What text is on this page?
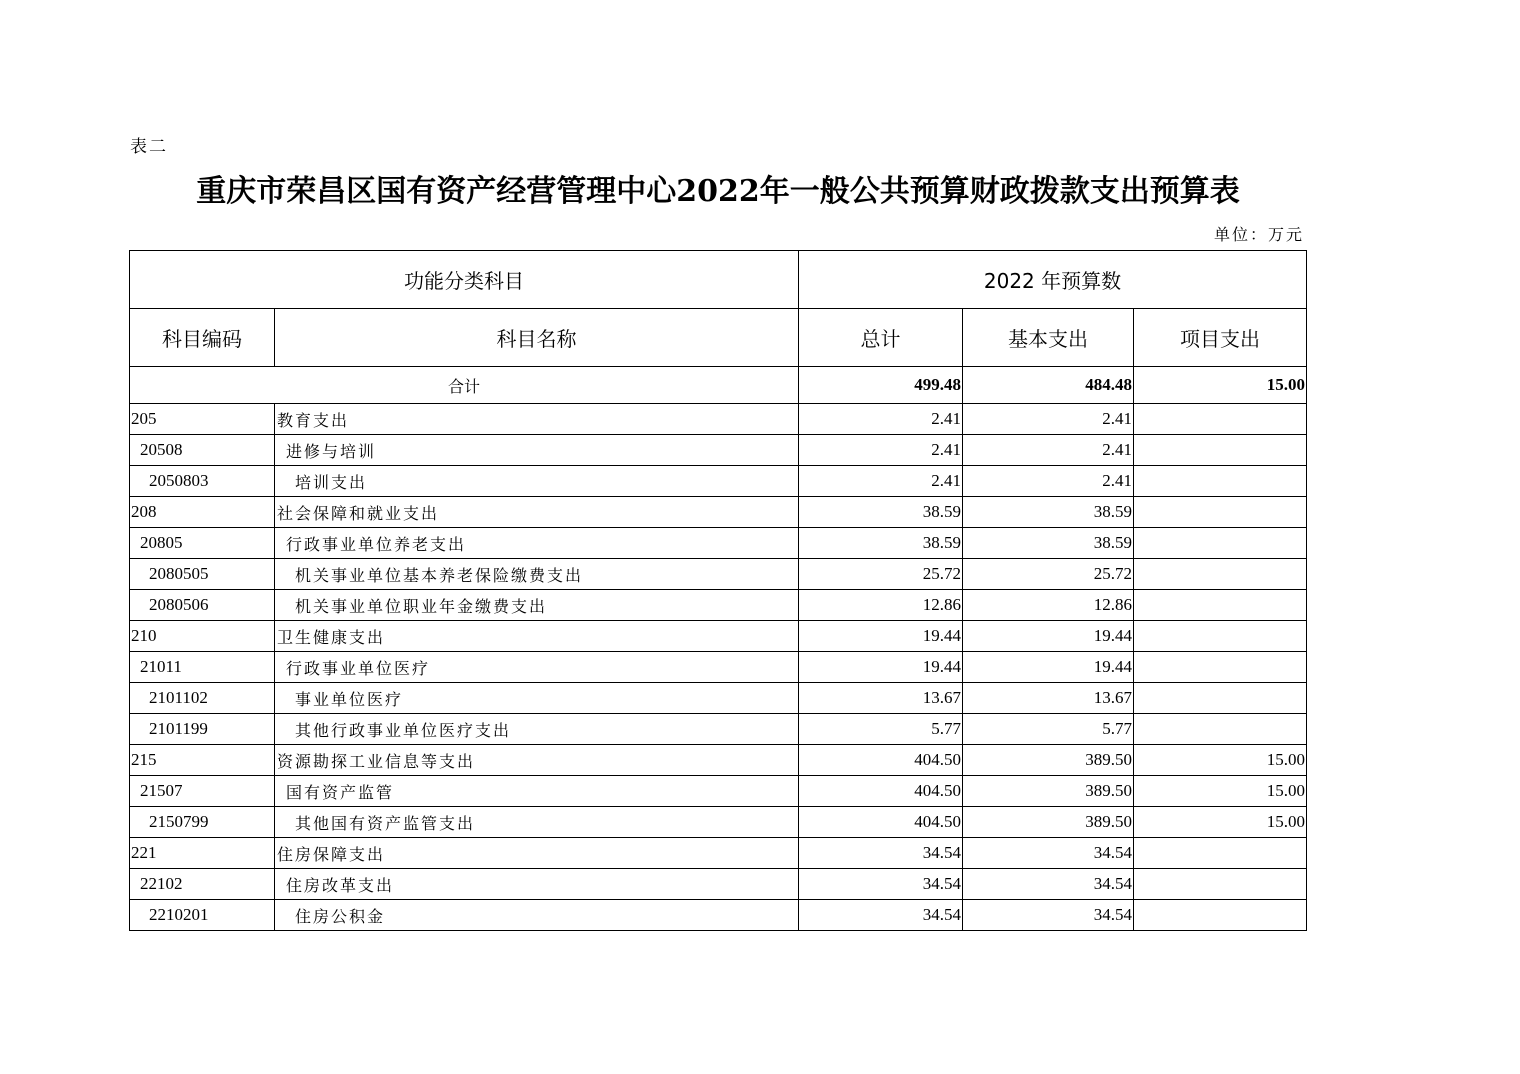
表二
重庆市荣昌区国有资产经营管理中心2022年一般公共预算财政拨款支出预算表
单位：万元
功能分类科目		2022 年预算数		
科目编码	科目名称	总计	基本支出	项目支出
合计		499.48	484.48	15.00
205	教育支出	2.41	2.41	
20508	进修与培训	2.41	2.41	
2050803	培训支出	2.41	2.41	
208	社会保障和就业支出	38.59	38.59	
20805	行政事业单位养老支出	38.59	38.59	
2080505	机关事业单位基本养老保险缴费支出	25.72	25.72	
2080506	机关事业单位职业年金缴费支出	12.86	12.86	
210	卫生健康支出	19.44	19.44	
21011	行政事业单位医疗	19.44	19.44	
2101102	事业单位医疗	13.67	13.67	
2101199	其他行政事业单位医疗支出	5.77	5.77	
215	资源勘探工业信息等支出	404.50	389.50	15.00
21507	国有资产监管	404.50	389.50	15.00
2150799	其他国有资产监管支出	404.50	389.50	15.00
221	住房保障支出	34.54	34.54	
22102	住房改革支出	34.54	34.54	
2210201	住房公积金	34.54	34.54	
